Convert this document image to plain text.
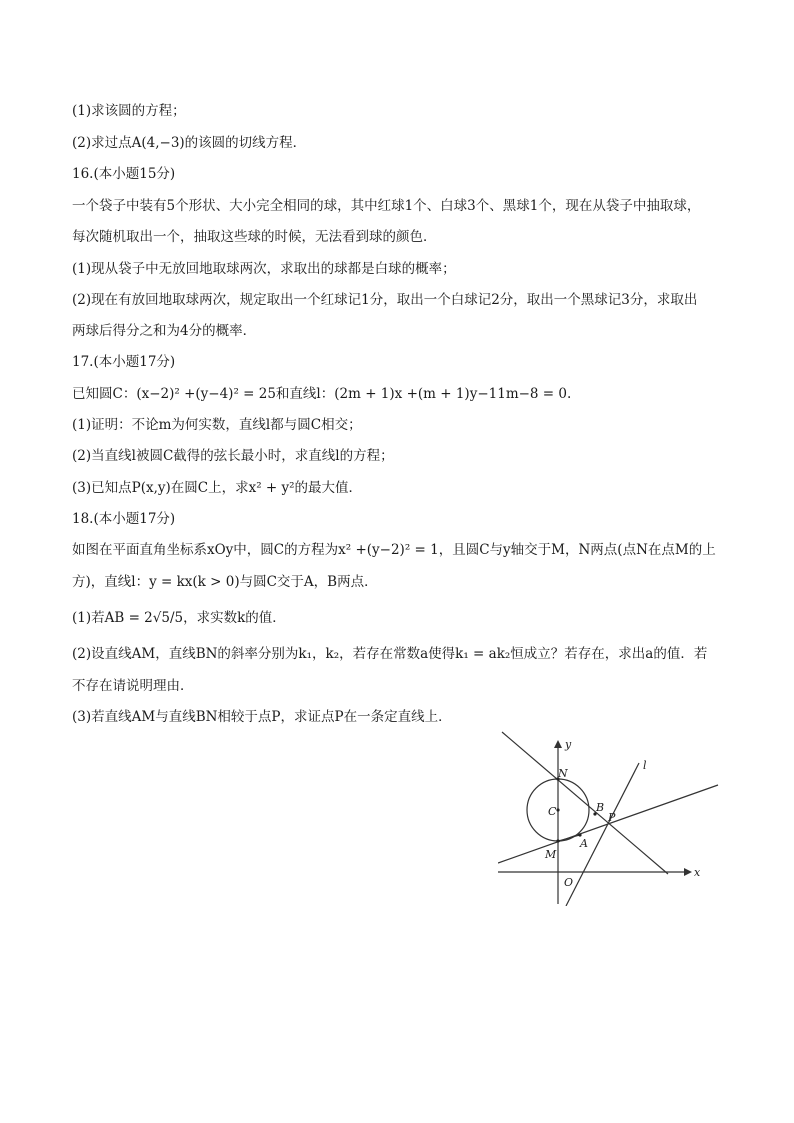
(1)求该圆的方程；
(2)求过点A(4,−3)的该圆的切线方程．
16.(本小题15分)
一个袋子中装有5个形状、大小完全相同的球，其中红球1个、白球3个、黑球1个，现在从袋子中抽取球，
每次随机取出一个，抽取这些球的时候，无法看到球的颜色．
(1)现从袋子中无放回地取球两次，求取出的球都是白球的概率；
(2)现在有放回地取球两次，规定取出一个红球记1分，取出一个白球记2分，取出一个黑球记3分，求取出
两球后得分之和为4分的概率．
17.(本小题17分)
已知圆C：(x−2)² +(y−4)² = 25和直线l：(2m + 1)x +(m + 1)y−11m−8 = 0.
(1)证明：不论m为何实数，直线l都与圆C相交；
(2)当直线l被圆C截得的弦长最小时，求直线l的方程；
(3)已知点P(x,y)在圆C上，求x² + y²的最大值．
18.(本小题17分)
如图在平面直角坐标系xOy中，圆C的方程为x² +(y−2)² = 1，且圆C与y轴交于M，N两点(点N在点M的上
方)，直线l：y = kx(k > 0)与圆C交于A，B两点．
(1)若AB = 2√5/5，求实数k的值．
(2)设直线AM，直线BN的斜率分别为k₁，k₂，若存在常数a使得k₁ = ak₂恒成立？若存在，求出a的值．若
不存在请说明理由．
(3)若直线AM与直线BN相较于点P，求证点P在一条定直线上．
y
x
l
N
B
P
C
A
M
O
